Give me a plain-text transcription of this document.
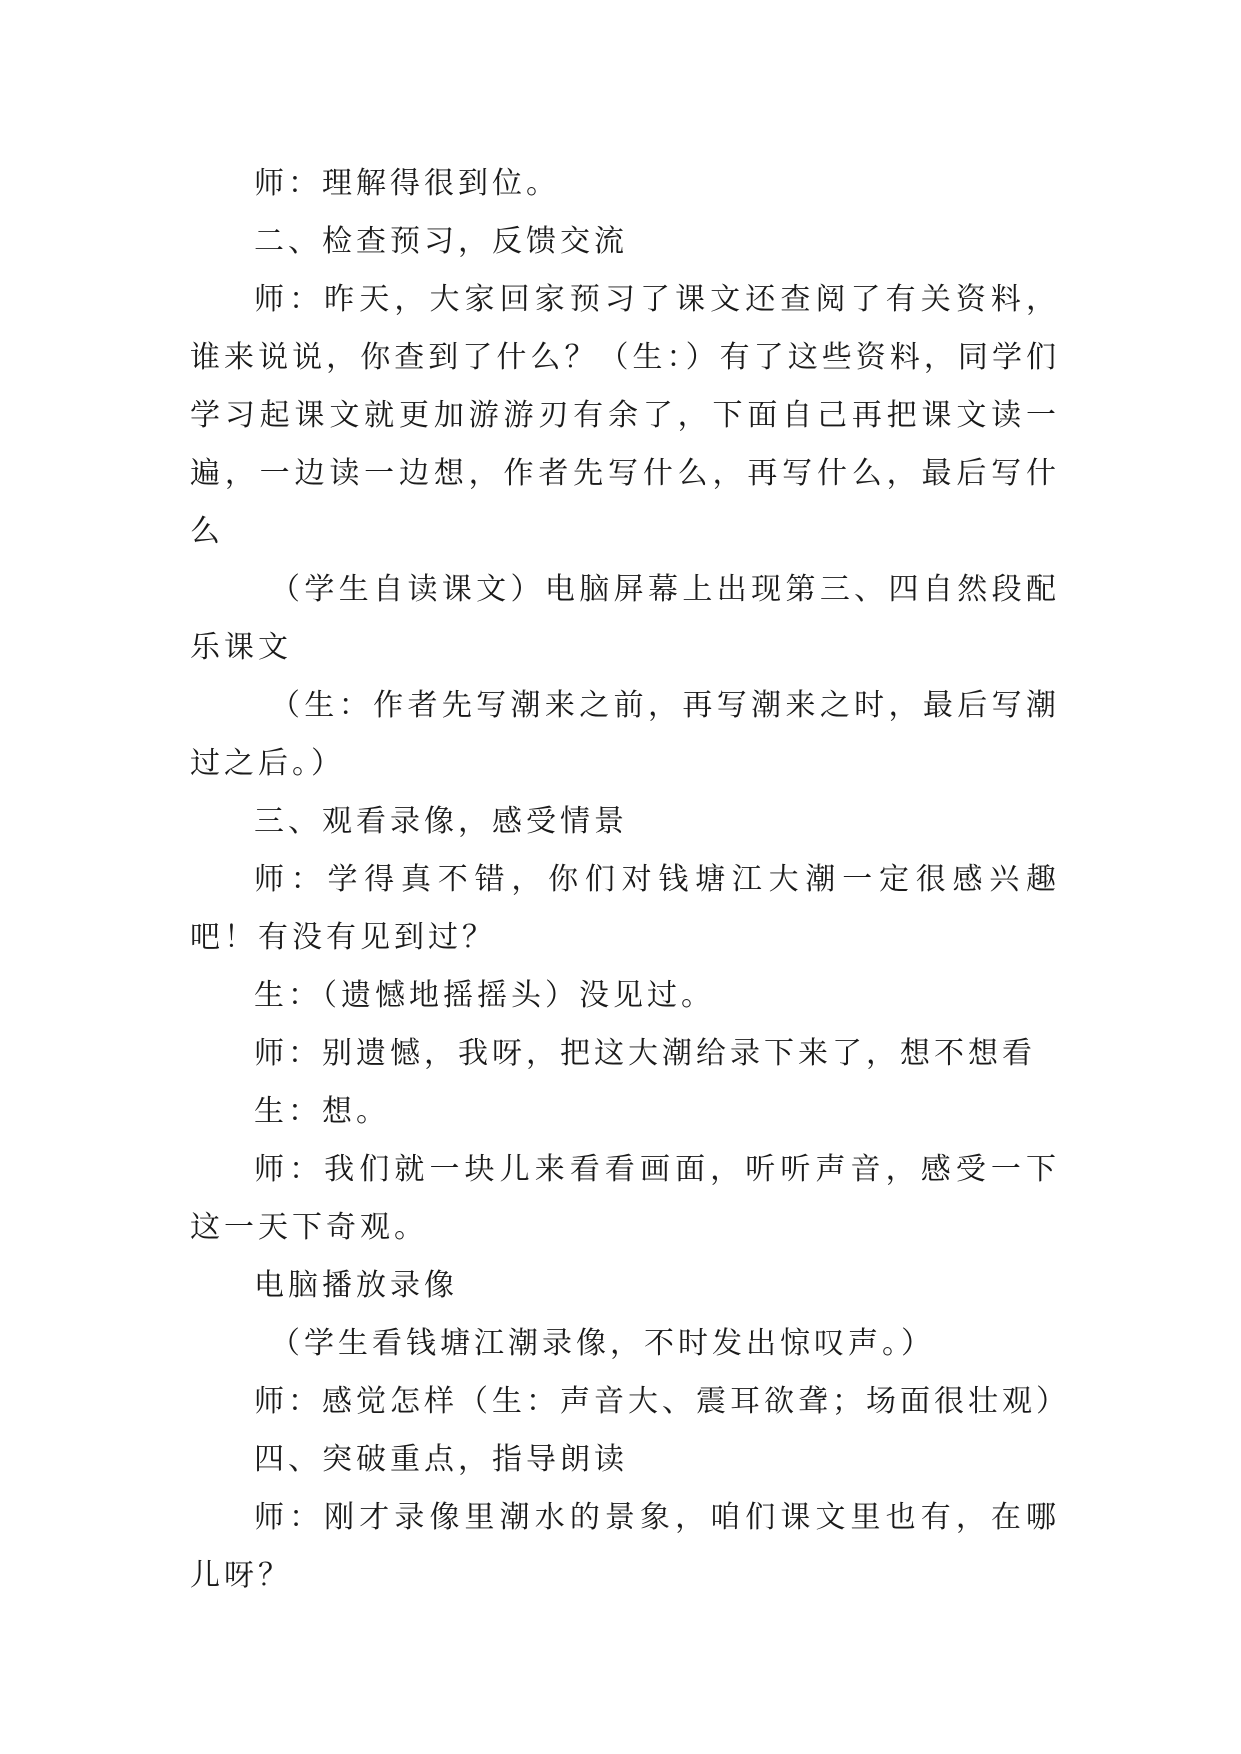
师：理解得很到位。

二、检查预习，反馈交流

师：昨天，大家回家预习了课文还查阅了有关资料，谁来说说，你查到了什么？（生：）有了这些资料，同学们学习起课文就更加游游刃有余了，下面自己再把课文读一遍，一边读一边想，作者先写什么，再写什么，最后写什么

（学生自读课文）电脑屏幕上出现第三、四自然段配乐课文

（生：作者先写潮来之前，再写潮来之时，最后写潮过之后。）

三、观看录像，感受情景

师：学得真不错，你们对钱塘江大潮一定很感兴趣吧！有没有见到过？

生：（遗憾地摇摇头）没见过。

师：别遗憾，我呀，把这大潮给录下来了，想不想看

生：想。

师：我们就一块儿来看看画面，听听声音，感受一下这一天下奇观。

电脑播放录像

（学生看钱塘江潮录像，不时发出惊叹声。）

师：感觉怎样（生：声音大、震耳欲聋；场面很壮观）

四、突破重点，指导朗读

师：刚才录像里潮水的景象，咱们课文里也有，在哪儿呀？
